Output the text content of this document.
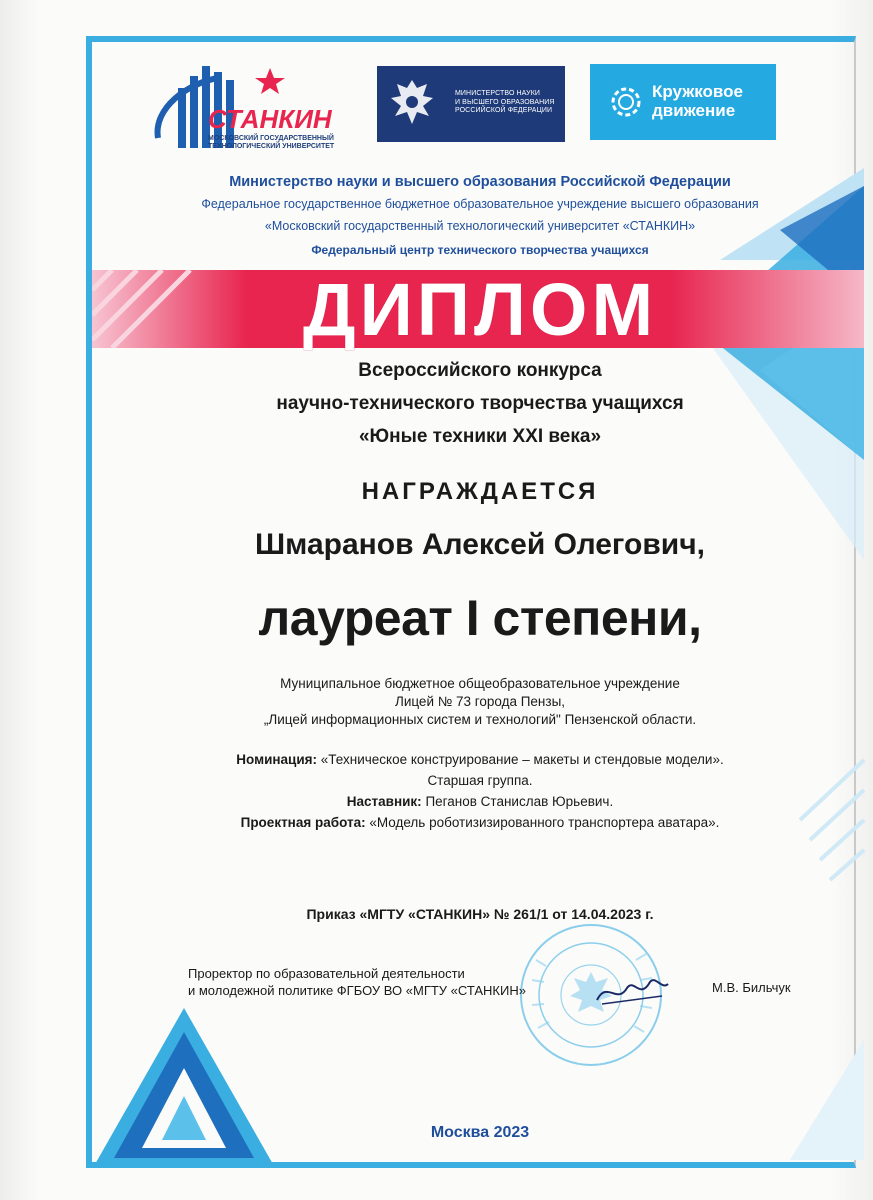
СТАНКИН
МОСКОВСКИЙ ГОСУДАРСТВЕННЫЙ
ТЕХНОЛОГИЧЕСКИЙ УНИВЕРСИТЕТ
МИНИСТЕРСТВО НАУКИ
И ВЫСШЕГО ОБРАЗОВАНИЯ
РОССИЙСКОЙ ФЕДЕРАЦИИ
Кружковое
движение
Министерство науки и высшего образования Российской Федерации
Федеральное государственное бюджетное образовательное учреждение высшего образования
«Московский государственный технологический университет «СТАНКИН»
Федеральный центр технического творчества учащихся
ДИПЛОМ
Всероссийского конкурса
научно-технического творчества учащихся
«Юные техники XXI века»
НАГРАЖДАЕТСЯ
Шмаранов Алексей Олегович,
лауреат I степени,
Муниципальное бюджетное общеобразовательное учреждение
Лицей № 73 города Пензы,
„Лицей информационных систем и технологий" Пензенской области.
Номинация: «Техническое конструирование – макеты и стендовые модели».
Старшая группа.
Наставник: Пеганов Станислав Юрьевич.
Проектная работа: «Модель роботизизированного транспортера аватара».
Приказ «МГТУ «СТАНКИН» № 261/1 от 14.04.2023 г.
Проректор по образовательной деятельности
и молодежной политике ФГБОУ ВО «МГТУ «СТАНКИН»	М.В. Бильчук
Москва 2023
